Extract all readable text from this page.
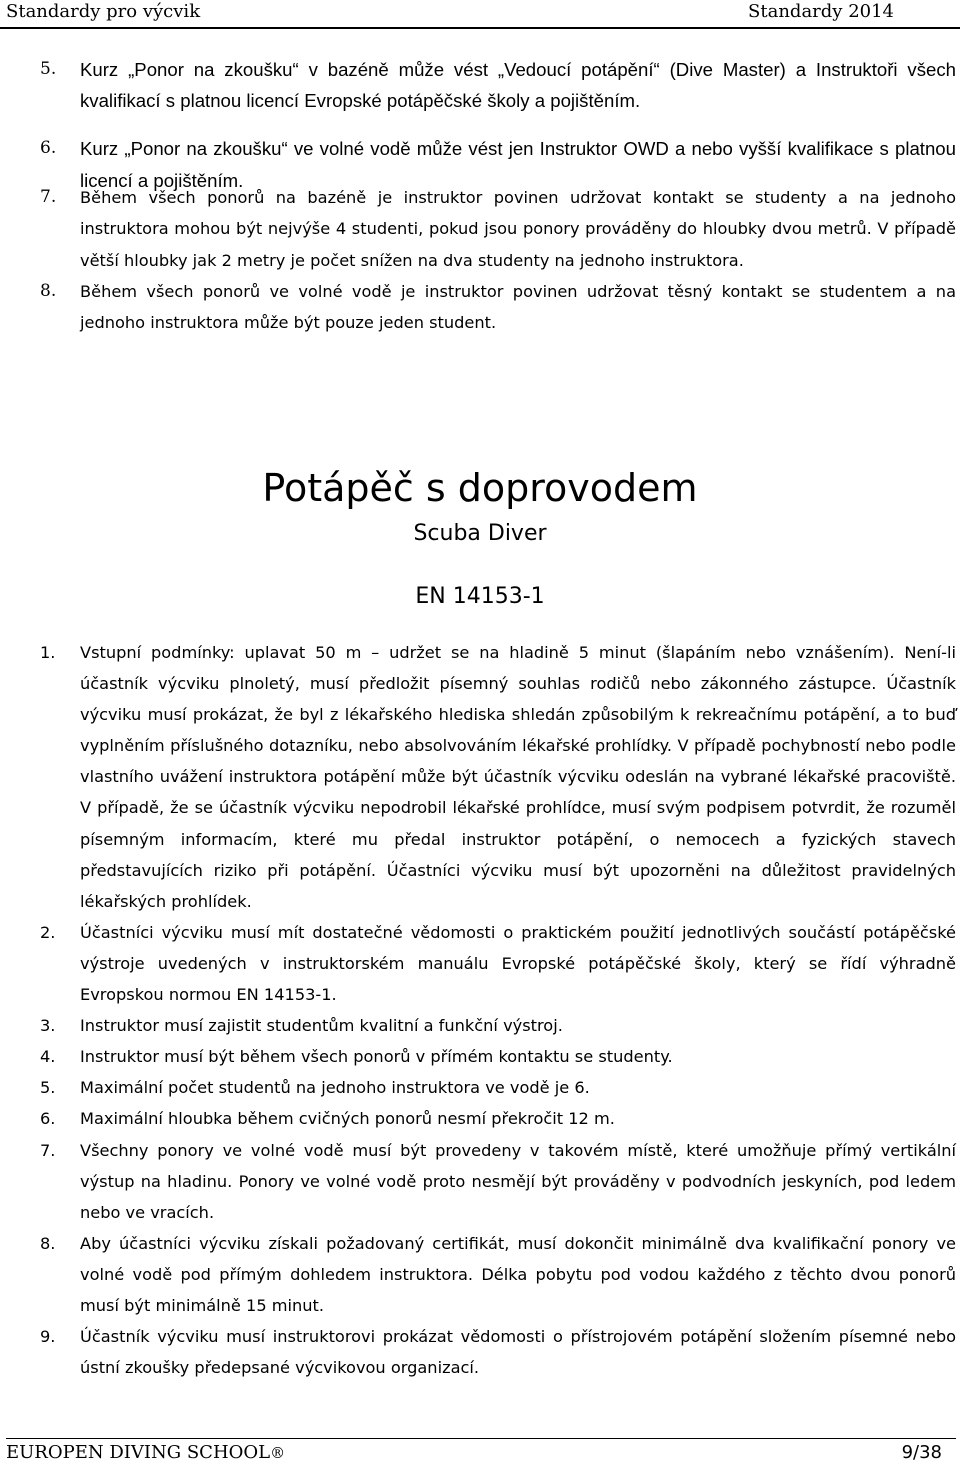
Standardy pro výcvik	Standardy 2014
5. Kurz „Ponor na zkoušku“ v bazéně může vést „Vedoucí potápění“ (Dive Master) a Instruktoři všech kvalifikací s platnou licencí Evropské potápěčské školy a pojištěním.
6. Kurz „Ponor na zkoušku“ ve volné vodě může vést jen Instruktor OWD a nebo vyšší kvalifikace s platnou licencí a pojištěním.
7. Během všech ponorů na bazéně je instruktor povinen udržovat kontakt se studenty a na jednoho instruktora mohou být nejvýše 4 studenti, pokud jsou ponory prováděny do hloubky dvou metrů. V případě větší hloubky jak 2 metry je počet snížen na dva studenty na jednoho instruktora.
8. Během všech ponorů ve volné vodě je instruktor povinen udržovat těsný kontakt se studentem a na jednoho instruktora může být pouze jeden student.
Potápěč s doprovodem
Scuba Diver
EN 14153-1
1. Vstupní podmínky: uplavat 50 m – udržet se na hladině 5 minut (šlapáním nebo vznášením). Není-li účastník výcviku plnoletý, musí předložit písemný souhlas rodičů nebo zákonného zástupce. Účastník výcviku musí prokázat, že byl z lékařského hlediska shledán způsobilým k rekreačnímu potápění, a to buď vyplněním příslušného dotazníku, nebo absolvováním lékařské prohlídky. V případě pochybností nebo podle vlastního uvážení instruktora potápění může být účastník výcviku odeslán na vybrané lékařské pracoviště. V případě, že se účastník výcviku nepodrobil lékařské prohlídce, musí svým podpisem potvrdit, že rozuměl písemným informacím, které mu předal instruktor potápění, o nemocech a fyzických stavech představujících riziko při potápění. Účastníci výcviku musí být upozorněni na důležitost pravidelných lékařských prohlídek.
2. Účastníci výcviku musí mít dostatečné vědomosti o praktickém použití jednotlivých součástí potápěčské výstroje uvedených v instruktorském manuálu Evropské potápěčské školy, který se řídí výhradně Evropskou normou EN 14153-1.
3. Instruktor musí zajistit studentům kvalitní a funkční výstroj.
4. Instruktor musí být během všech ponorů v přímém kontaktu se studenty.
5. Maximální počet studentů na jednoho instruktora ve vodě je 6.
6. Maximální hloubka během cvičných ponorů nesmí překročit 12 m.
7. Všechny ponory ve volné vodě musí být provedeny v takovém místě, které umožňuje přímý vertikální výstup na hladinu. Ponory ve volné vodě proto nesmějí být prováděny v podvodních jeskyních, pod ledem nebo ve vracích.
8. Aby účastníci výcviku získali požadovaný certifikát, musí dokončit minimálně dva kvalifikační ponory ve volné vodě pod přímým dohledem instruktora. Délka pobytu pod vodou každého z těchto dvou ponorů musí být minimálně 15 minut.
9. Účastník výcviku musí instruktorovi prokázat vědomosti o přístrojovém potápění složením písemné nebo ústní zkoušky předepsané výcvikovou organizací.
EUROPEN DIVING SCHOOL®	9/38
